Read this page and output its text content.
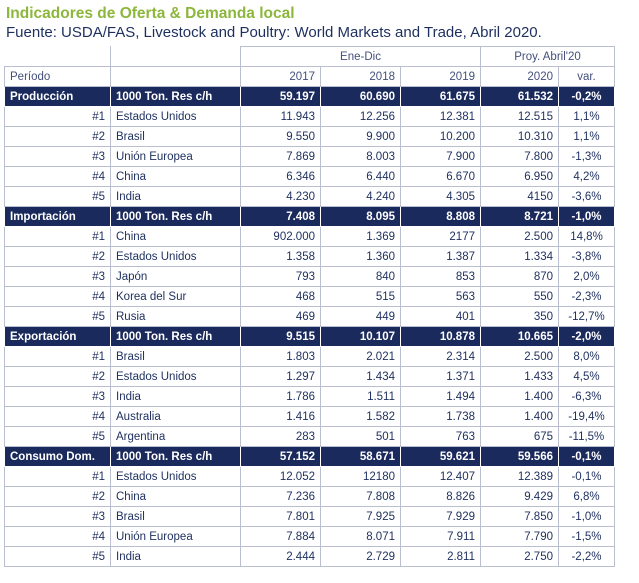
Indicadores de Oferta & Demanda local
Fuente: USDA/FAS, Livestock and Poultry: World Markets and Trade, Abril 2020.
		Ene-Dic			Proy. Abril'20	
Período		2017	2018	2019	2020	var.
Producción	1000 Ton. Res c/h	59.197	60.690	61.675	61.532	-0,2%
#1	Estados Unidos	11.943	12.256	12.381	12.515	1,1%
#2	Brasil	9.550	9.900	10.200	10.310	1,1%
#3	Unión Europea	7.869	8.003	7.900	7.800	-1,3%
#4	China	6.346	6.440	6.670	6.950	4,2%
#5	India	4.230	4.240	4.305	4150	-3,6%
Importación	1000 Ton. Res c/h	7.408	8.095	8.808	8.721	-1,0%
#1	China	902.000	1.369	2177	2.500	14,8%
#2	Estados Unidos	1.358	1.360	1.387	1.334	-3,8%
#3	Japón	793	840	853	870	2,0%
#4	Korea del Sur	468	515	563	550	-2,3%
#5	Rusia	469	449	401	350	-12,7%
Exportación	1000 Ton. Res c/h	9.515	10.107	10.878	10.665	-2,0%
#1	Brasil	1.803	2.021	2.314	2.500	8,0%
#2	Estados Unidos	1.297	1.434	1.371	1.433	4,5%
#3	India	1.786	1.511	1.494	1.400	-6,3%
#4	Australia	1.416	1.582	1.738	1.400	-19,4%
#5	Argentina	283	501	763	675	-11,5%
Consumo Dom.	1000 Ton. Res c/h	57.152	58.671	59.621	59.566	-0,1%
#1	Estados Unidos	12.052	12180	12.407	12.389	-0,1%
#2	China	7.236	7.808	8.826	9.429	6,8%
#3	Brasil	7.801	7.925	7.929	7.850	-1,0%
#4	Unión Europea	7.884	8.071	7.911	7.790	-1,5%
#5	India	2.444	2.729	2.811	2.750	-2,2%
